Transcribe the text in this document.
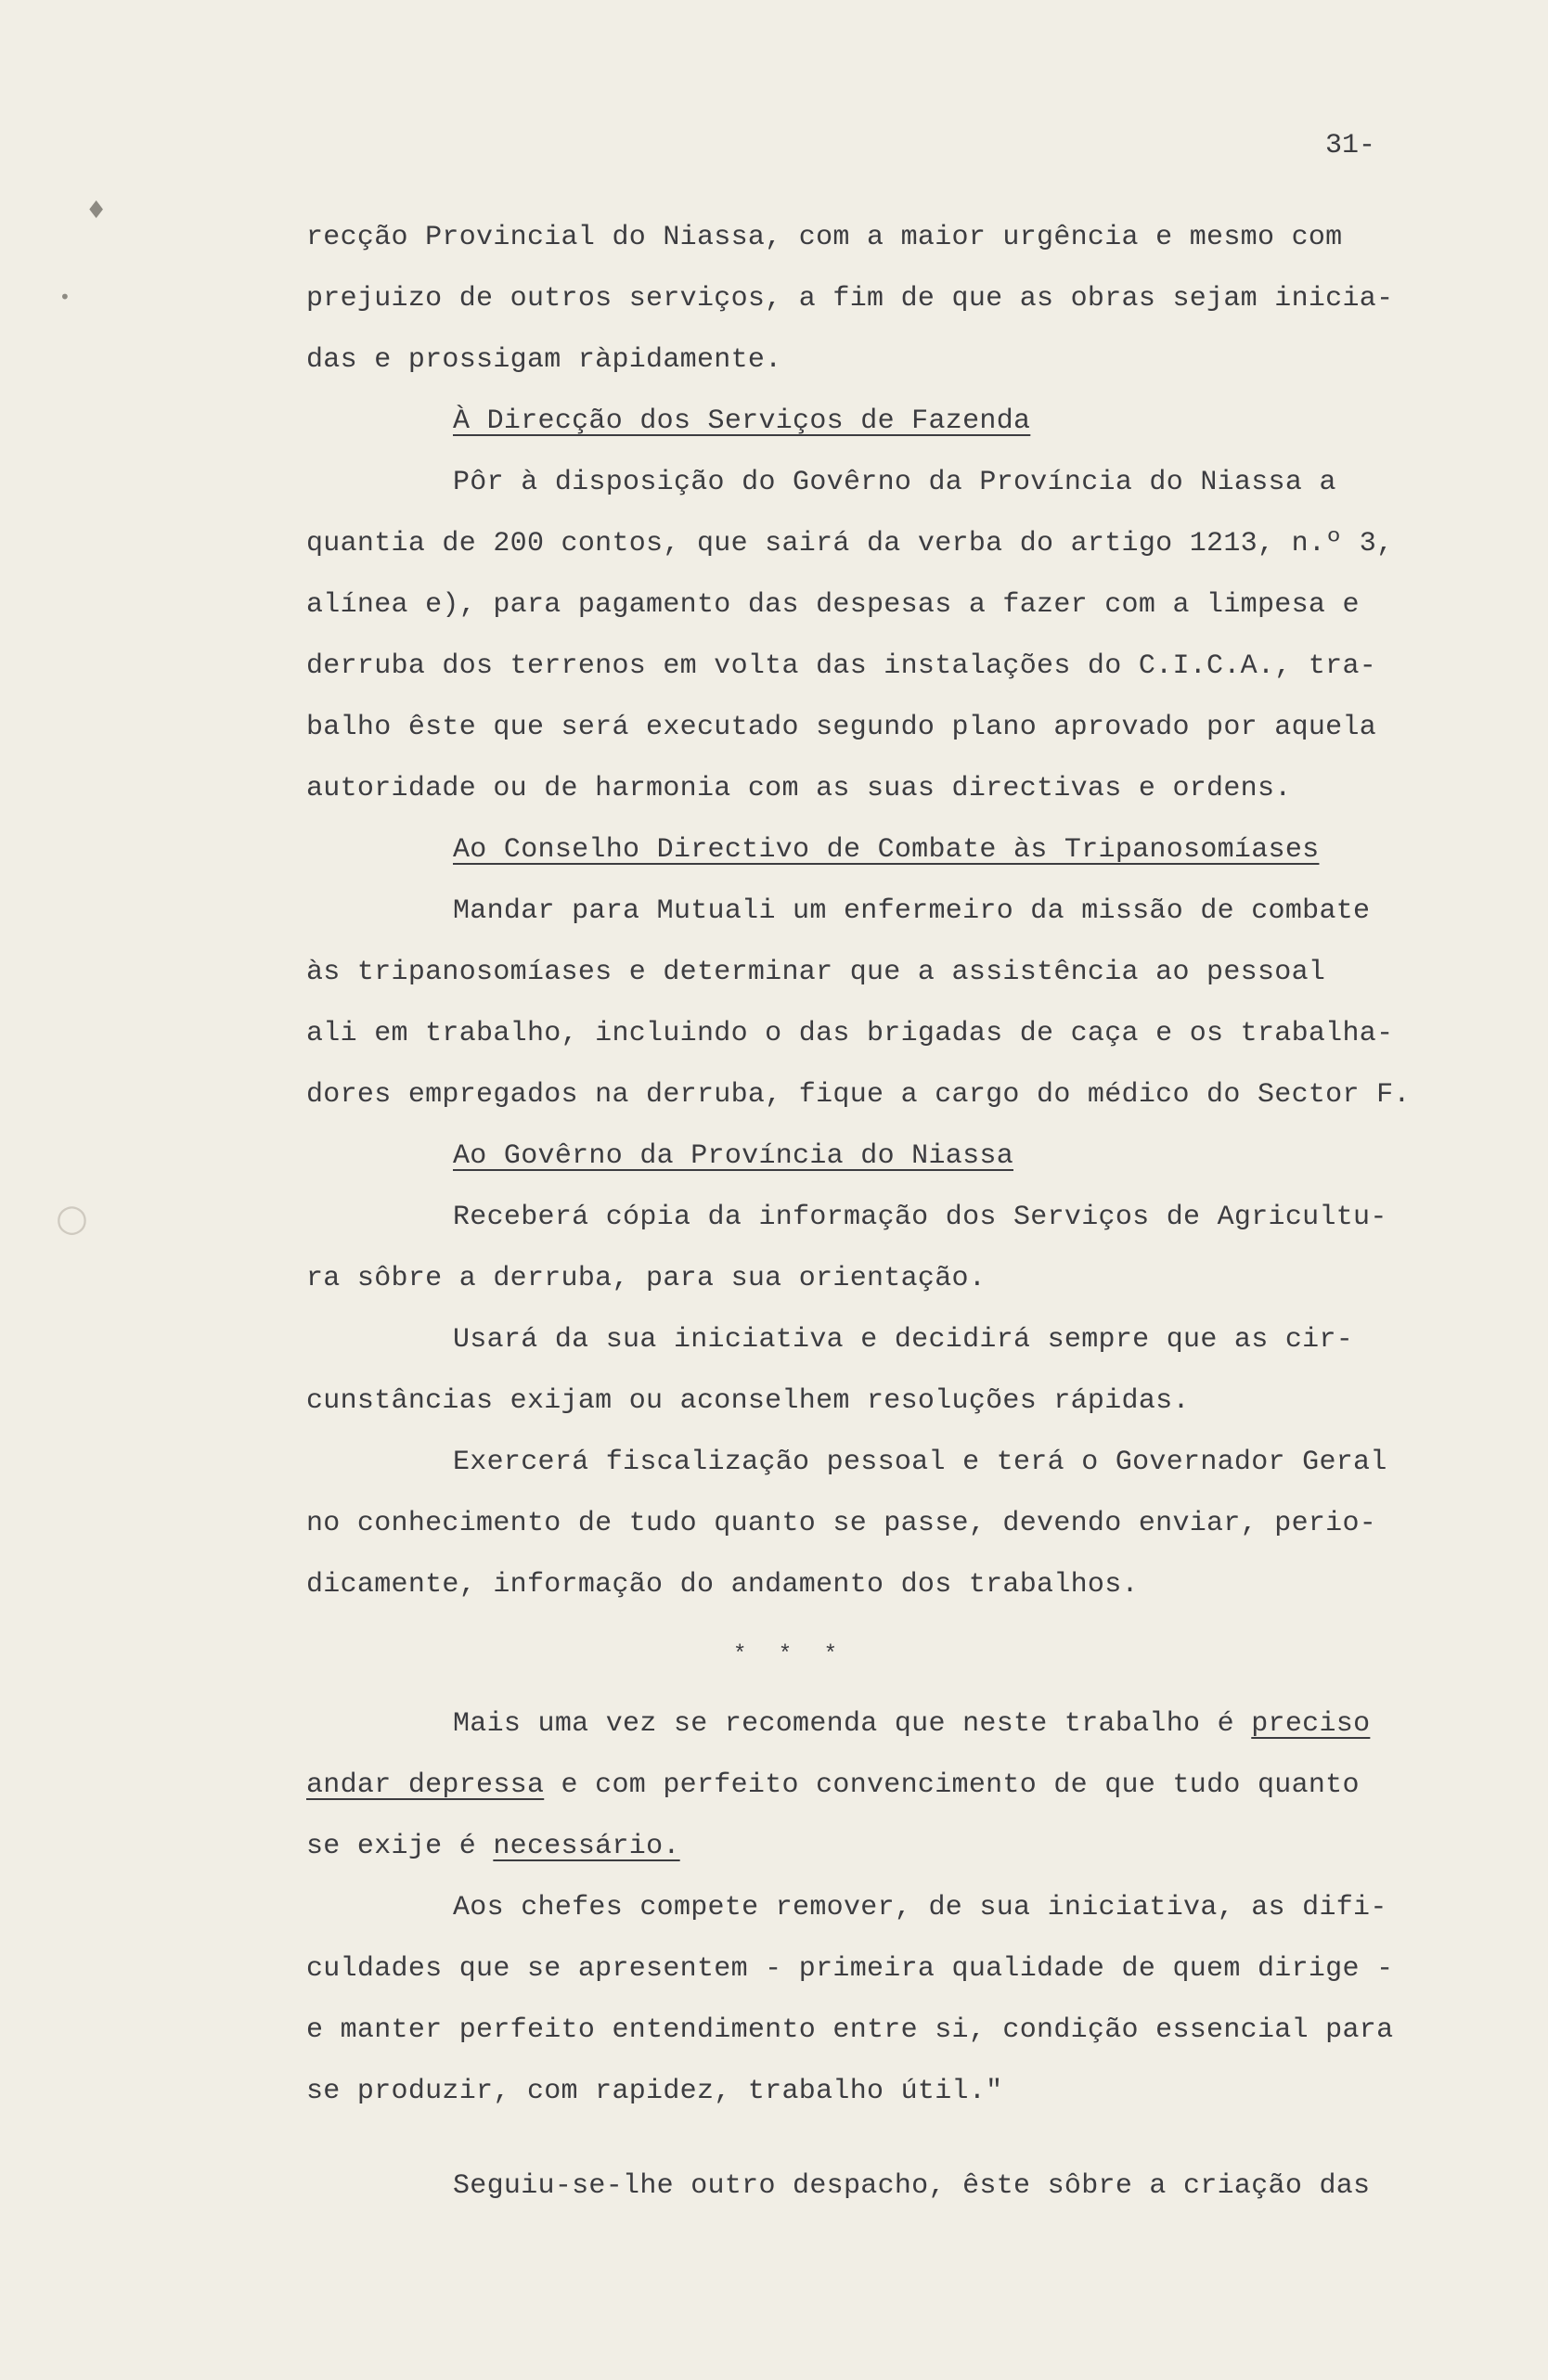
♦
•
○
31-
recção Provincial do Niassa, com a maior urgência e mesmo com
prejuizo de outros serviços, a fim de que as obras sejam inicia-
das e prossigam ràpidamente.
À Direcção dos Serviços de Fazenda
Pôr à disposição do Govêrno da Província do Niassa a
quantia de 200 contos, que sairá da verba do artigo 1213, n.º 3,
alínea e), para pagamento das despesas a fazer com a limpesa e
derruba dos terrenos em volta das instalações do C.I.C.A., tra-
balho êste que será executado segundo plano aprovado por aquela
autoridade ou de harmonia com as suas directivas e ordens.
Ao Conselho Directivo de Combate às Tripanosomíases
Mandar para Mutuali um enfermeiro da missão de combate
às tripanosomíases e determinar que a assistência ao pessoal
ali em trabalho, incluindo o das brigadas de caça e os trabalha-
dores empregados na derruba, fique a cargo do médico do Sector F.
Ao Govêrno da Província do Niassa
Receberá cópia da informação dos Serviços de Agricultu-
ra sôbre a derruba, para sua orientação.
Usará da sua iniciativa e decidirá sempre que as cir-
cunstâncias exijam ou aconselhem resoluções rápidas.
Exercerá fiscalização pessoal e terá o Governador Geral
no conhecimento de tudo quanto se passe, devendo enviar, perio-
dicamente, informação do andamento dos trabalhos.
* * *
Mais uma vez se recomenda que neste trabalho é preciso
andar depressa e com perfeito convencimento de que tudo quanto
se exije é necessário.
Aos chefes compete remover, de sua iniciativa, as difi-
culdades que se apresentem - primeira qualidade de quem dirige -
e manter perfeito entendimento entre si, condição essencial para
se produzir, com rapidez, trabalho útil."
Seguiu-se-lhe outro despacho, êste sôbre a criação das
